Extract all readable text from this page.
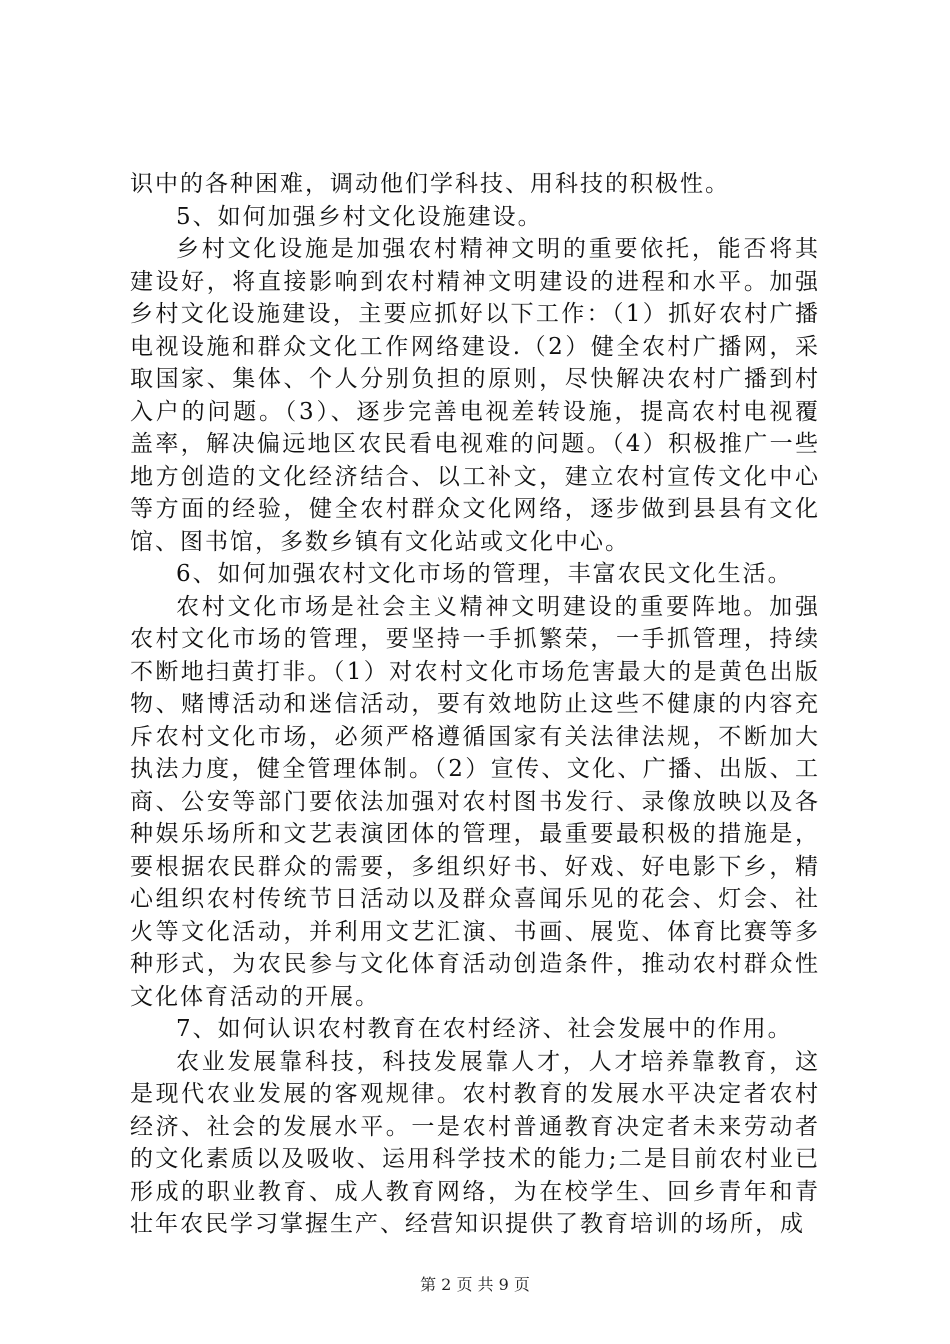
识中的各种困难，调动他们学科技、用科技的积极性。

5、如何加强乡村文化设施建设。

乡村文化设施是加强农村精神文明的重要依托，能否将其建设好，将直接影响到农村精神文明建设的进程和水平。加强乡村文化设施建设，主要应抓好以下工作：（1）抓好农村广播电视设施和群众文化工作网络建设.（2）健全农村广播网，采取国家、集体、个人分别负担的原则，尽快解决农村广播到村入户的问题。（3）、逐步完善电视差转设施，提高农村电视覆盖率，解决偏远地区农民看电视难的问题。（4）积极推广一些地方创造的文化经济结合、以工补文，建立农村宣传文化中心等方面的经验，健全农村群众文化网络，逐步做到县县有文化馆、图书馆，多数乡镇有文化站或文化中心。

6、如何加强农村文化市场的管理，丰富农民文化生活。

农村文化市场是社会主义精神文明建设的重要阵地。加强农村文化市场的管理，要坚持一手抓繁荣，一手抓管理，持续不断地扫黄打非。（1）对农村文化市场危害最大的是黄色出版物、赌博活动和迷信活动，要有效地防止这些不健康的内容充斥农村文化市场，必须严格遵循国家有关法律法规，不断加大执法力度，健全管理体制。（2）宣传、文化、广播、出版、工商、公安等部门要依法加强对农村图书发行、录像放映以及各种娱乐场所和文艺表演团体的管理，最重要最积极的措施是，要根据农民群众的需要，多组织好书、好戏、好电影下乡，精心组织农村传统节日活动以及群众喜闻乐见的花会、灯会、社火等文化活动，并利用文艺汇演、书画、展览、体育比赛等多种形式，为农民参与文化体育活动创造条件，推动农村群众性文化体育活动的开展。

7、如何认识农村教育在农村经济、社会发展中的作用。

农业发展靠科技，科技发展靠人才，人才培养靠教育，这是现代农业发展的客观规律。农村教育的发展水平决定者农村经济、社会的发展水平。一是农村普通教育决定者未来劳动者的文化素质以及吸收、运用科学技术的能力;二是目前农村业已形成的职业教育、成人教育网络，为在校学生、回乡青年和青壮年农民学习掌握生产、经营知识提供了教育培训的场所，成

第 2 页 共 9 页
